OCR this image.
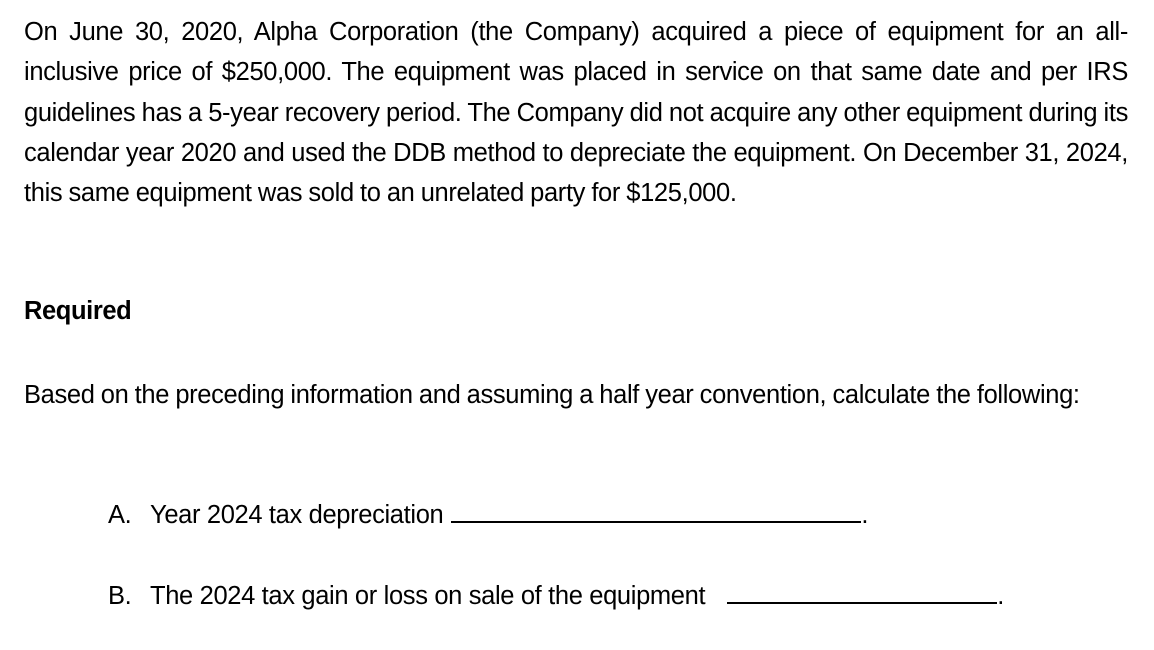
On June 30, 2020, Alpha Corporation (the Company) acquired a piece of equipment for an all-inclusive price of $250,000. The equipment was placed in service on that same date and per IRS guidelines has a 5-year recovery period. The Company did not acquire any other equipment during its calendar year 2020 and used the DDB method to depreciate the equipment. On December 31, 2024, this same equipment was sold to an unrelated party for $125,000.

Required

Based on the preceding information and assuming a half year convention, calculate the following:

A. Year 2024 tax depreciation	.

B. The 2024 tax gain or loss on sale of the equipment	.
